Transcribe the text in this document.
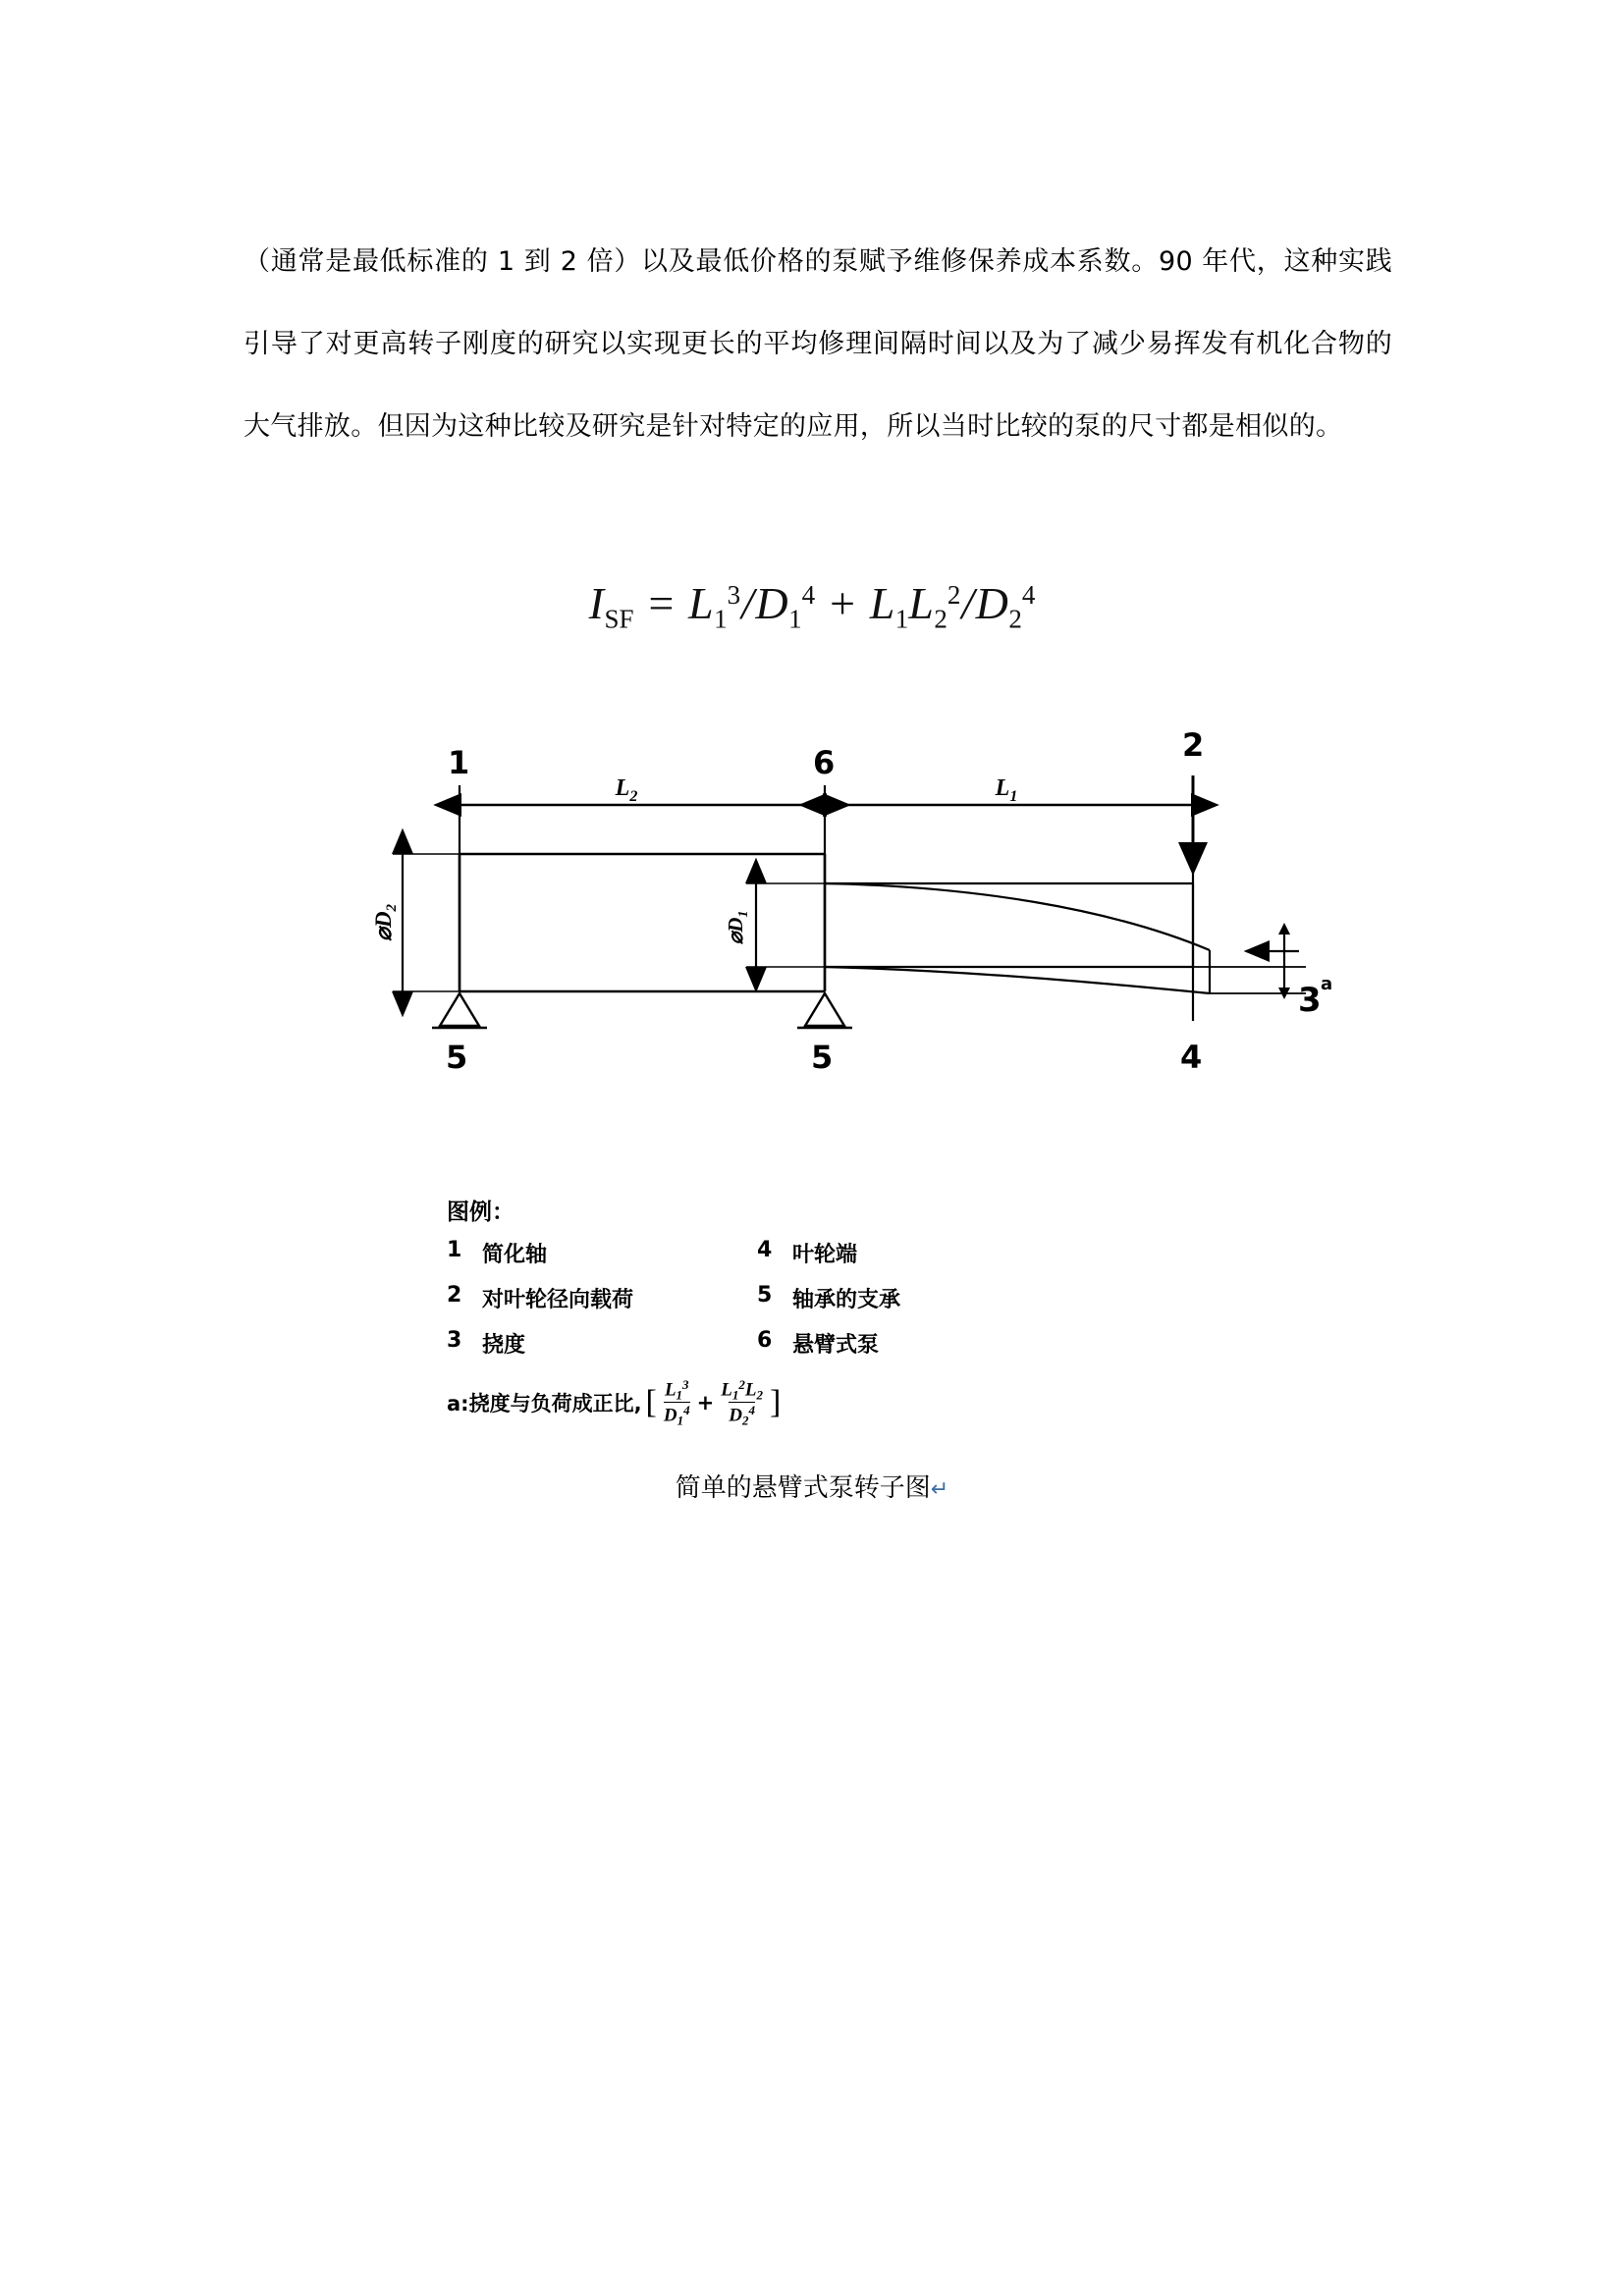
（通常是最低标准的 1 到 2 倍）以及最低价格的泵赋予维修保养成本系数。90 年代，这种实践引导了对更高转子刚度的研究以实现更长的平均修理间隔时间以及为了减少易挥发有机化合物的大气排放。但因为这种比较及研究是针对特定的应用，所以当时比较的泵的尺寸都是相似的。

$I_{SF} = L_1^3/D_1^4 + L_1L_2^2/D_2^4$
1	6	2
$L_2$	$L_1$
3 a
$⌀D_2$
$⌀D_1$
5	5	4
图例：
1 简化轴	4 叶轮端
2 对叶轮径向载荷	5 轴承的支承
3 挠度	6 悬臂式泵
a:挠度与负荷成正比, [ $\frac{L_1^3}{D_1^4} + \frac{L_1^2L_2}{D_2^4}$ ]
简单的悬臂式泵转子图↵
